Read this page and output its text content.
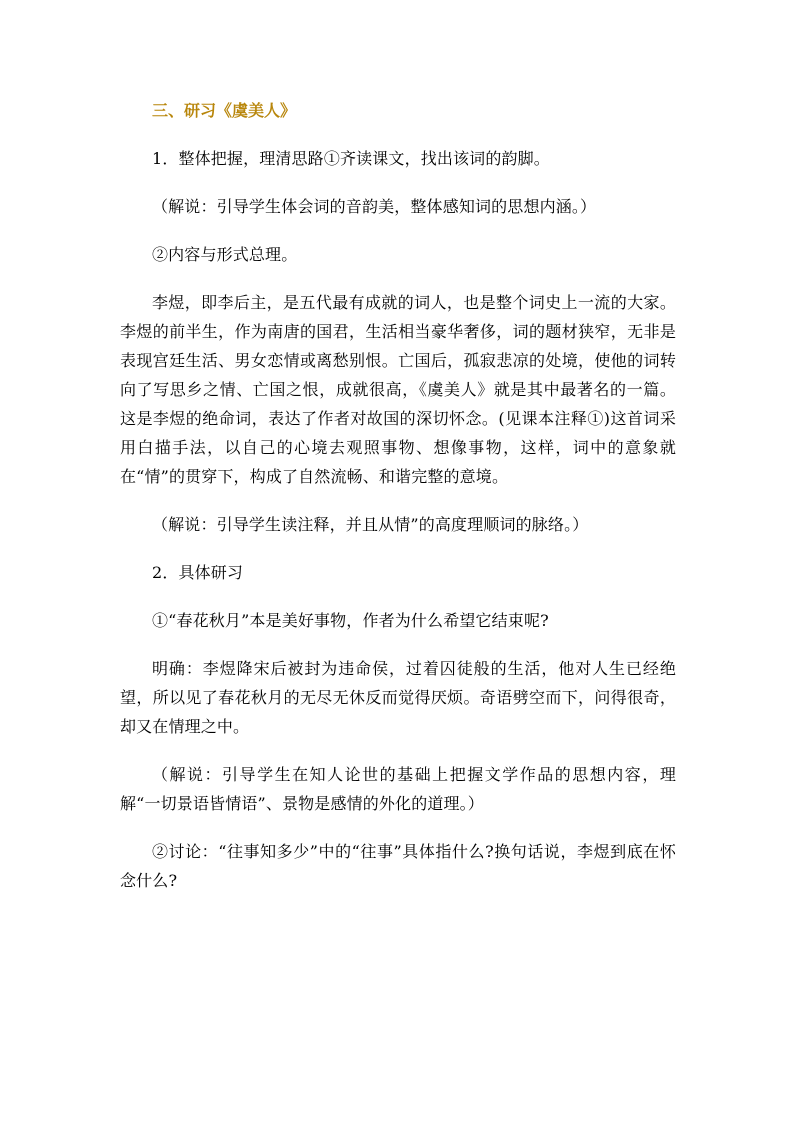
三、研习《虞美人》

1．整体把握，理清思路①齐读课文，找出该词的韵脚。

（解说：引导学生体会词的音韵美，整体感知词的思想内涵。）

②内容与形式总理。

李煜，即李后主，是五代最有成就的词人，也是整个词史上一流的大家。李煜的前半生，作为南唐的国君，生活相当豪华奢侈，词的题材狭窄，无非是表现宫廷生活、男女恋情或离愁别恨。亡国后，孤寂悲凉的处境，使他的词转向了写思乡之情、亡国之恨，成就很高，《虞美人》就是其中最著名的一篇。这是李煜的绝命词，表达了作者对故国的深切怀念。(见课本注释①)这首词采用白描手法，以自己的心境去观照事物、想像事物，这样，词中的意象就在“情”的贯穿下，构成了自然流畅、和谐完整的意境。

（解说：引导学生读注释，并且从情”的高度理顺词的脉络。）

2．具体研习

①“春花秋月”本是美好事物，作者为什么希望它结束呢?

明确：李煜降宋后被封为违命侯，过着囚徒般的生活，他对人生已经绝望，所以见了春花秋月的无尽无休反而觉得厌烦。奇语劈空而下，问得很奇，却又在情理之中。

（解说：引导学生在知人论世的基础上把握文学作品的思想内容，理解“一切景语皆情语”、景物是感情的外化的道理。）

②讨论：“往事知多少”中的“往事”具体指什么?换句话说，李煜到底在怀念什么?
